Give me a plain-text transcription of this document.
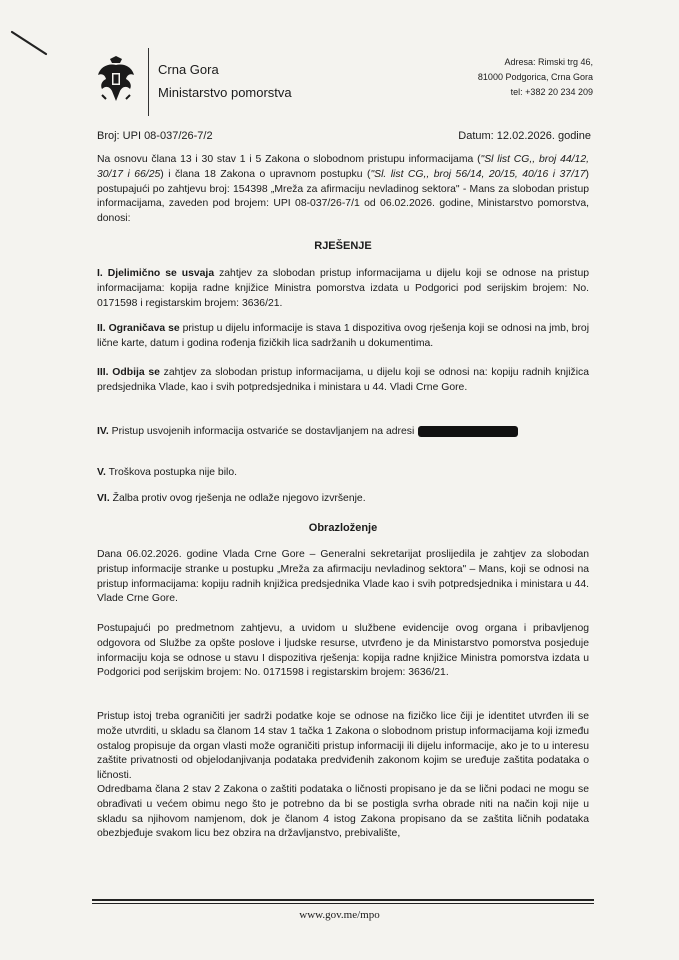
Crna Gora
Ministarstvo pomorstva
Adresa: Rimski trg 46,
81000 Podgorica, Crna Gora
tel: +382 20 234 209
Broj: UPI 08-037/26-7/2	Datum: 12.02.2026. godine
Na osnovu člana 13 i 30 stav 1 i 5 Zakona o slobodnom pristupu informacijama ("Sl list CG,, broj 44/12, 30/17 i 66/25) i člana 18 Zakona o upravnom postupku ("Sl. list CG,, broj 56/14, 20/15, 40/16 i 37/17) postupajući po zahtjevu broj: 154398 „Mreža za afirmaciju nevladinog sektora" - Mans za slobodan pristup informacijama, zaveden pod brojem: UPI 08-037/26-7/1 od 06.02.2026. godine, Ministarstvo pomorstva, donosi:
RJEŠENJE
I. Djelimično se usvaja zahtjev za slobodan pristup informacijama u dijelu koji se odnose na pristup informacijama: kopija radne knjižice Ministra pomorstva izdata u Podgorici pod serijskim brojem: No. 0171598 i registarskim brojem: 3636/21.
II. Ograničava se pristup u dijelu informacije is stava 1 dispozitiva ovog rješenja koji se odnosi na jmb, broj lične karte, datum i godina rođenja fizičkih lica sadržanih u dokumentima.
III. Odbija se zahtjev za slobodan pristup informacijama, u dijelu koji se odnosi na: kopiju radnih knjižica predsjednika Vlade, kao i svih potpredsjednika i ministara u 44. Vladi Crne Gore.
IV. Pristup usvojenih informacija ostvariće se dostavljanjem na adresi
V. Troškova postupka nije bilo.
VI. Žalba protiv ovog rješenja ne odlaže njegovo izvršenje.
Obrazloženje
Dana 06.02.2026. godine Vlada Crne Gore – Generalni sekretarijat proslijedila je zahtjev za slobodan pristup informacije stranke u postupku „Mreža za afirmaciju nevladinog sektora" – Mans, koji se odnosi na pristup informacijama: kopiju radnih knjižica predsjednika Vlade kao i svih potpredsjednika i ministara u 44. Vlade Crne Gore.
Postupajući po predmetnom zahtjevu, a uvidom u službene evidencije ovog organa i pribavljenog odgovora od Službe za opšte poslove i ljudske resurse, utvrđeno je da Ministarstvo pomorstva posjeduje informaciju koja se odnose u stavu I dispozitiva rješenja: kopija radne knjižice Ministra pomorstva izdata u Podgorici pod serijskim brojem: No. 0171598 i registarskim brojem: 3636/21.
Pristup istoj treba ograničiti jer sadrži podatke koje se odnose na fizičko lice čiji je identitet utvrđen ili se može utvrditi, u skladu sa članom 14 stav 1 tačka 1 Zakona o slobodnom pristup informacijama koji između ostalog propisuje da organ vlasti može ograničiti pristup informaciji ili dijelu informacije, ako je to u interesu zaštite privatnosti od objelodanjivanja podataka predviđenih zakonom kojim se uređuje zaštita podataka o ličnosti.
Odredbama člana 2 stav 2 Zakona o zaštiti podataka o ličnosti propisano je da se lični podaci ne mogu se obrađivati u većem obimu nego što je potrebno da bi se postigla svrha obrade niti na način koji nije u skladu sa njihovom namjenom, dok je članom 4 istog Zakona propisano da se zaštita ličnih podataka obezbjeđuje svakom licu bez obzira na državljanstvo, prebivalište,
www.gov.me/mpo
